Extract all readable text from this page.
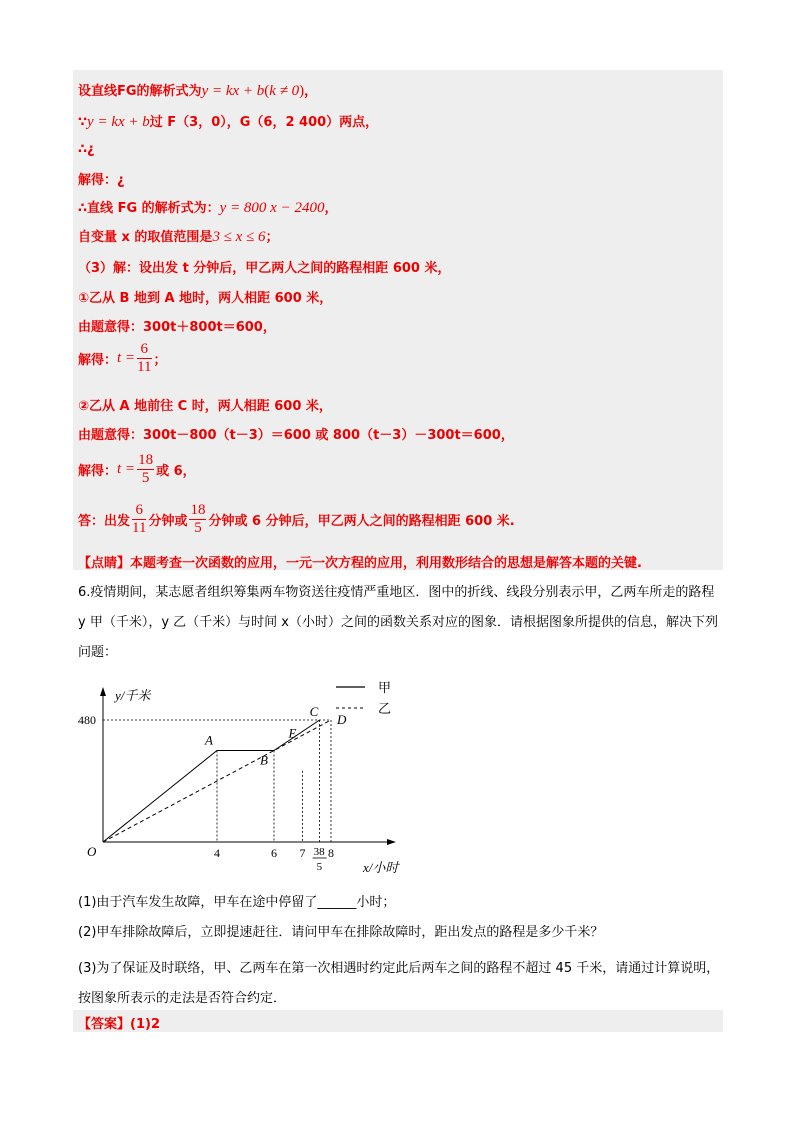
设直线FG的解析式为y = kx + b(k ≠ 0)，
∵y = kx + b过 F（3，0），G（6，2 400）两点，
∴¿
解得：¿
∴直线 FG 的解析式为：y = 800 x − 2400，
自变量 x 的取值范围是3 ≤ x ≤ 6；
（3）解：设出发 t 分钟后，甲乙两人之间的路程相距 600 米，
①乙从 B 地到 A 地时，两人相距 600 米，
由题意得：300t＋800t＝600，
解得：$t = \frac{6}{11}$ ；
②乙从 A 地前往 C 时，两人相距 600 米，
由题意得：300t－800（t－3）＝600 或 800（t－3）－300t＝600，
解得：$t = \frac{18}{5}$ 或 6，
答：出发 $\frac{6}{11}$ 分钟或 $\frac{18}{5}$ 分钟或 6 分钟后，甲乙两人之间的路程相距 600 米.
【点睛】本题考查一次函数的应用，一元一次方程的应用，利用数形结合的思想是解答本题的关键.
6.疫情期间，某志愿者组织筹集两车物资送往疫情严重地区．图中的折线、线段分别表示甲，乙两车所走的路程 y 甲（千米），y 乙（千米）与时间 x（小时）之间的函数关系对应的图象．请根据图象所提供的信息，解决下列问题：
y/千米
x/小时
O
480
4	6 7 8
38
5
A
B
C
D
E
甲
乙
(1)由于汽车发生故障，甲车在途中停留了______小时；
(2)甲车排除故障后，立即提速赶往．请问甲车在排除故障时，距出发点的路程是多少千米？
(3)为了保证及时联络，甲、乙两车在第一次相遇时约定此后两车之间的路程不超过 45 千米，请通过计算说明，按图象所表示的走法是否符合约定．
【答案】(1)2
